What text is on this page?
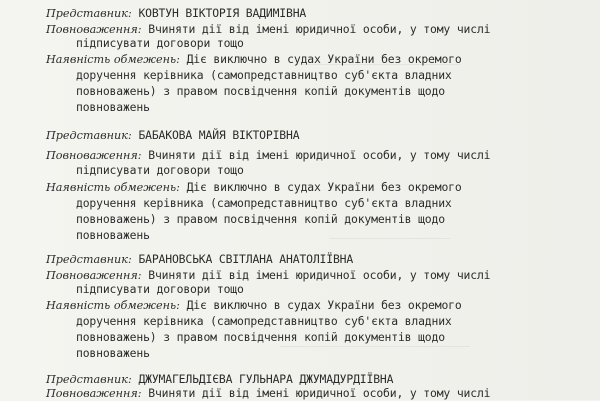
Представник: КОВТУН ВІКТОРІЯ ВАДИМІВНА
Повноваження: Вчиняти дії від імені юридичної особи, у тому числі
підписувати договори тощо
Наявність обмежень: Діє виключно в судах України без окремого
доручення керівника (самопредставництво суб'єкта владних
повноважень) з правом посвідчення копій документів щодо
повноважень
Представник: БАБАКОВА МАЙЯ ВІКТОРІВНА
Повноваження: Вчиняти дії від імені юридичної особи, у тому числі
підписувати договори тощо
Наявність обмежень: Діє виключно в судах України без окремого
доручення керівника (самопредставництво суб'єкта владних
повноважень) з правом посвідчення копій документів щодо
повноважень
Представник: БАРАНОВСЬКА СВІТЛАНА АНАТОЛІЇВНА
Повноваження: Вчиняти дії від імені юридичної особи, у тому числі
підписувати договори тощо
Наявність обмежень: Діє виключно в судах України без окремого
доручення керівника (самопредставництво суб'єкта владних
повноважень) з правом посвідчення копій документів щодо
повноважень
Представник: ДЖУМАГЕЛЬДІЄВА ГУЛЬНАРА ДЖУМАДУРДІЇВНА
Повноваження: Вчиняти дії від імені юридичної особи, у тому числі
